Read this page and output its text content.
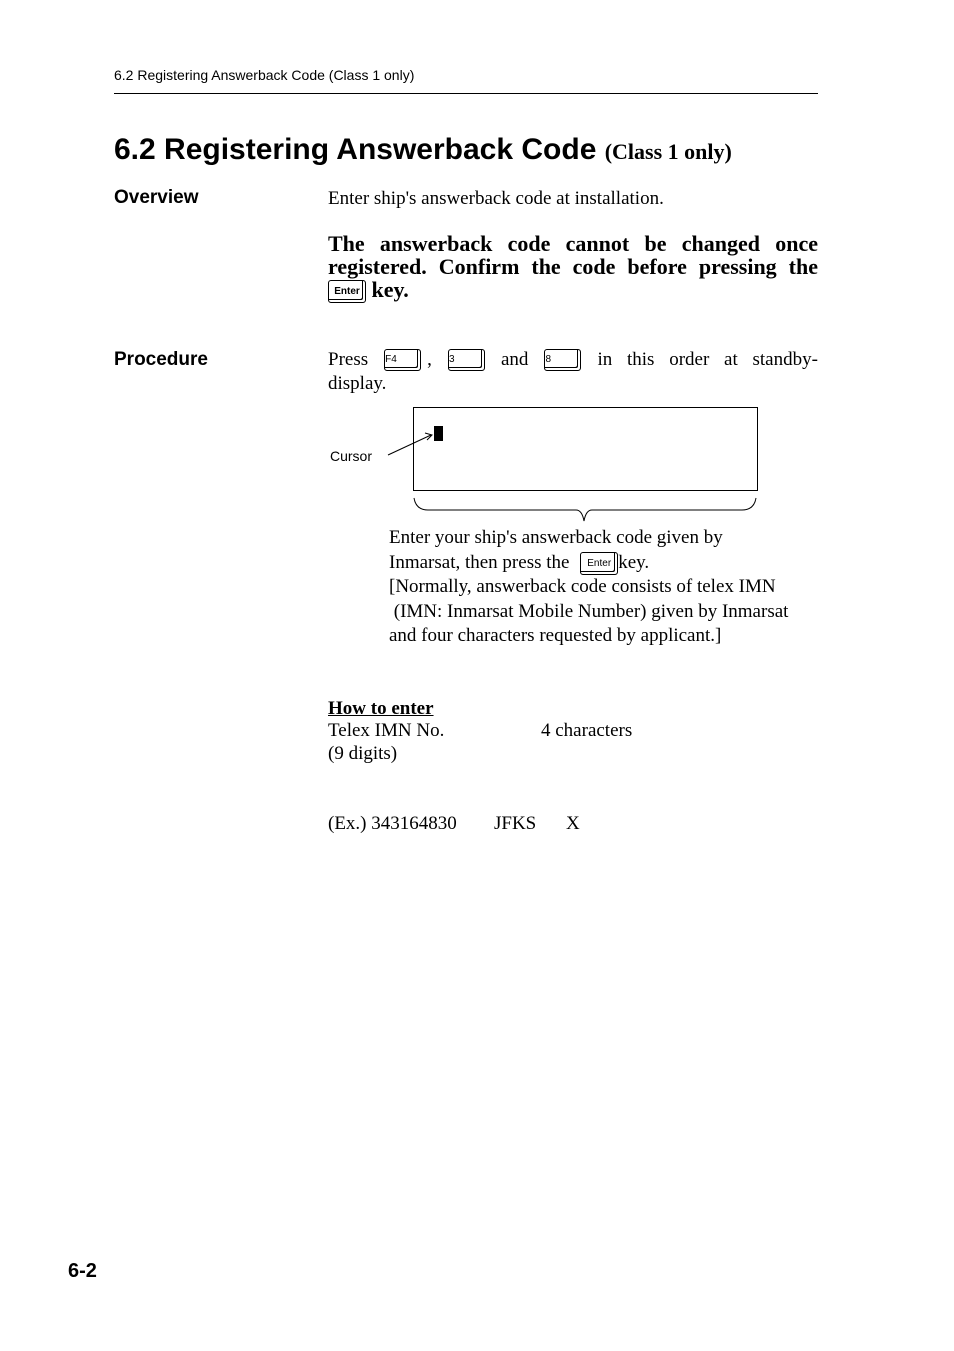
6.2 Registering Answerback Code (Class 1 only)
6.2 Registering Answerback Code (Class 1 only)
Overview	Enter ship's answerback code at installation.
The answerback code cannot be changed once registered. Confirm the code before pressing the Enter key.
Procedure	Press F4	, 3	and 8	in this order at standby-
display.
Cursor
Enter your ship's answerback code given by
Inmarsat, then press the Enter key.
[Normally, answerback code consists of telex IMN
(IMN: Inmarsat Mobile Number) given by Inmarsat
and four characters requested by applicant.]
How to enter
Telex IMN No.	4 characters
(9 digits)
(Ex.) 343164830 JFKS X
6-2
